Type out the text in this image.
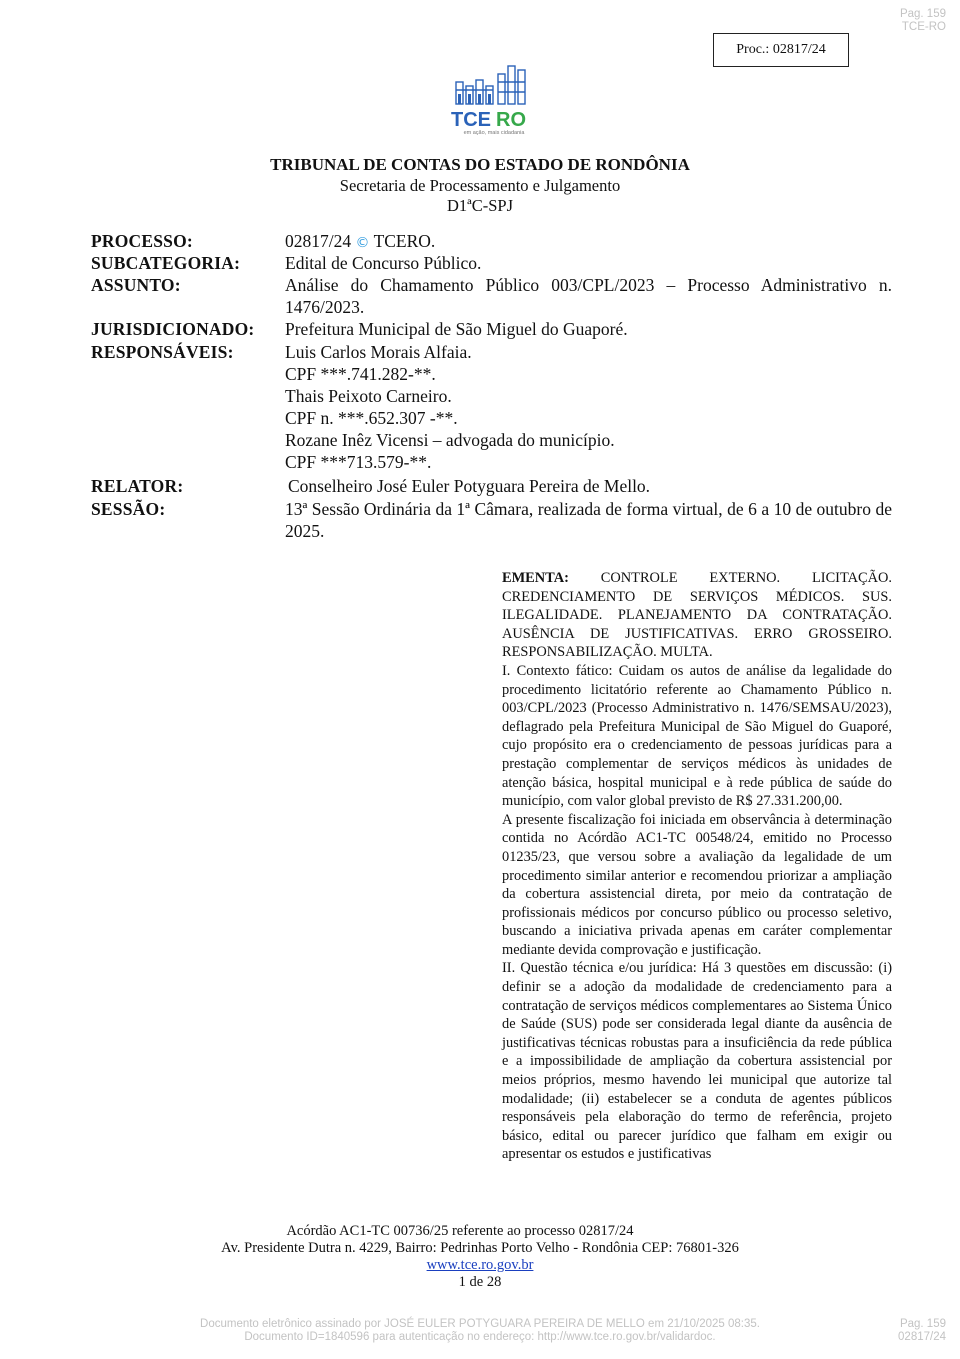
Pag. 159
TCE-RO
Proc.: 02817/24
TCE RO
em ação, mais cidadania
TRIBUNAL DE CONTAS DO ESTADO DE RONDÔNIA
Secretaria de Processamento e Julgamento
D1ªC-SPJ
PROCESSO:	02817/24 © TCERO.
SUBCATEGORIA:	Edital de Concurso Público.
ASSUNTO:	Análise do Chamamento Público 003/CPL/2023 – Processo Administrativo n. 1476/2023.
JURISDICIONADO: Prefeitura Municipal de São Miguel do Guaporé.
RESPONSÁVEIS:	Luis Carlos Morais Alfaia.
CPF ***.741.282-**.
Thais Peixoto Carneiro.
CPF n. ***.652.307 -**.
Rozane Inêz Vicensi – advogada do município.
CPF ***713.579-**.
RELATOR:	Conselheiro José Euler Potyguara Pereira de Mello.
SESSÃO:	13ª Sessão Ordinária da 1ª Câmara, realizada de forma virtual, de 6 a 10 de outubro de 2025.

EMENTA: CONTROLE EXTERNO. LICITAÇÃO. CREDENCIAMENTO DE SERVIÇOS MÉDICOS. SUS. ILEGALIDADE. PLANEJAMENTO DA CONTRATAÇÃO. AUSÊNCIA DE JUSTIFICATIVAS. ERRO GROSSEIRO. RESPONSABILIZAÇÃO. MULTA.

I. Contexto fático: Cuidam os autos de análise da legalidade do procedimento licitatório referente ao Chamamento Público n. 003/CPL/2023 (Processo Administrativo n. 1476/SEMSAU/2023), deflagrado pela Prefeitura Municipal de São Miguel do Guaporé, cujo propósito era o credenciamento de pessoas jurídicas para a prestação complementar de serviços médicos às unidades de atenção básica, hospital municipal e à rede pública de saúde do município, com valor global previsto de R$ 27.331.200,00.

A presente fiscalização foi iniciada em observância à determinação contida no Acórdão AC1-TC 00548/24, emitido no Processo 01235/23, que versou sobre a avaliação da legalidade de um procedimento similar anterior e recomendou priorizar a ampliação da cobertura assistencial direta, por meio da contratação de profissionais médicos por concurso público ou processo seletivo, buscando a iniciativa privada apenas em caráter complementar mediante devida comprovação e justificação.

II. Questão técnica e/ou jurídica: Há 3 questões em discussão: (i) definir se a adoção da modalidade de credenciamento para a contratação de serviços médicos complementares ao Sistema Único de Saúde (SUS) pode ser considerada legal diante da ausência de justificativas técnicas robustas para a insuficiência da rede pública e a impossibilidade de ampliação da cobertura assistencial por meios próprios, mesmo havendo lei municipal que autorize tal modalidade; (ii) estabelecer se a conduta de agentes públicos responsáveis pela elaboração do termo de referência, projeto básico, edital ou parecer jurídico que falham em exigir ou apresentar os estudos e justificativas

Acórdão AC1-TC 00736/25 referente ao processo 02817/24
Av. Presidente Dutra n. 4229, Bairro: Pedrinhas Porto Velho - Rondônia CEP: 76801-326
www.tce.ro.gov.br
1 de 28
Documento eletrônico assinado por JOSÉ EULER POTYGUARA PEREIRA DE MELLO em 21/10/2025 08:35.
Documento ID=1840596 para autenticação no endereço: http://www.tce.ro.gov.br/validardoc.
Pag. 159
02817/24
